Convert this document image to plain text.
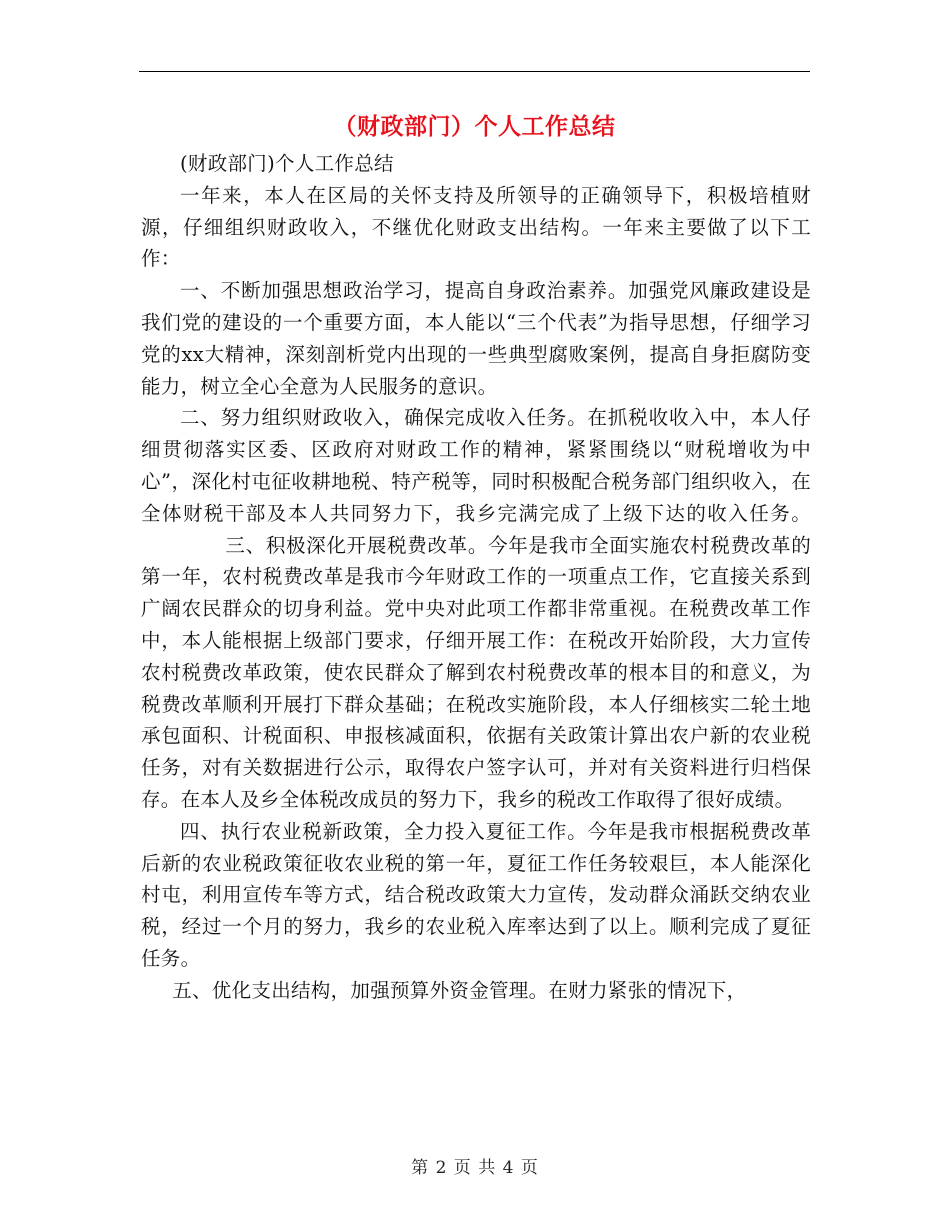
（财政部门）个人工作总结

(财政部门)个人工作总结

一年来，本人在区局的关怀支持及所领导的正确领导下，积极培植财源，仔细组织财政收入，不继优化财政支出结构。一年来主要做了以下工作：

一、不断加强思想政治学习，提高自身政治素养。加强党风廉政建设是我们党的建设的一个重要方面，本人能以“三个代表”为指导思想，仔细学习党的xx大精神，深刻剖析党内出现的一些典型腐败案例，提高自身拒腐防变能力，树立全心全意为人民服务的意识。

二、努力组织财政收入，确保完成收入任务。在抓税收收入中，本人仔细贯彻落实区委、区政府对财政工作的精神，紧紧围绕以“财税增收为中心”，深化村屯征收耕地税、特产税等，同时积极配合税务部门组织收入，在全体财税干部及本人共同努力下，我乡完满完成了上级下达的收入任务。三、积极深化开展税费改革。今年是我市全面实施农村税费改革的第一年，农村税费改革是我市今年财政工作的一项重点工作，它直接关系到广阔农民群众的切身利益。党中央对此项工作都非常重视。在税费改革工作中，本人能根据上级部门要求，仔细开展工作：在税改开始阶段，大力宣传农村税费改革政策，使农民群众了解到农村税费改革的根本目的和意义，为税费改革顺利开展打下群众基础；在税改实施阶段，本人仔细核实二轮土地承包面积、计税面积、申报核减面积，依据有关政策计算出农户新的农业税任务，对有关数据进行公示，取得农户签字认可，并对有关资料进行归档保存。在本人及乡全体税改成员的努力下，我乡的税改工作取得了很好成绩。

四、执行农业税新政策，全力投入夏征工作。今年是我市根据税费改革后新的农业税政策征收农业税的第一年，夏征工作任务较艰巨，本人能深化村屯，利用宣传车等方式，结合税改政策大力宣传，发动群众涌跃交纳农业税，经过一个月的努力，我乡的农业税入库率达到了以上。顺利完成了夏征任务。

五、优化支出结构，加强预算外资金管理。在财力紧张的情况下，

第 2 页 共 4 页
